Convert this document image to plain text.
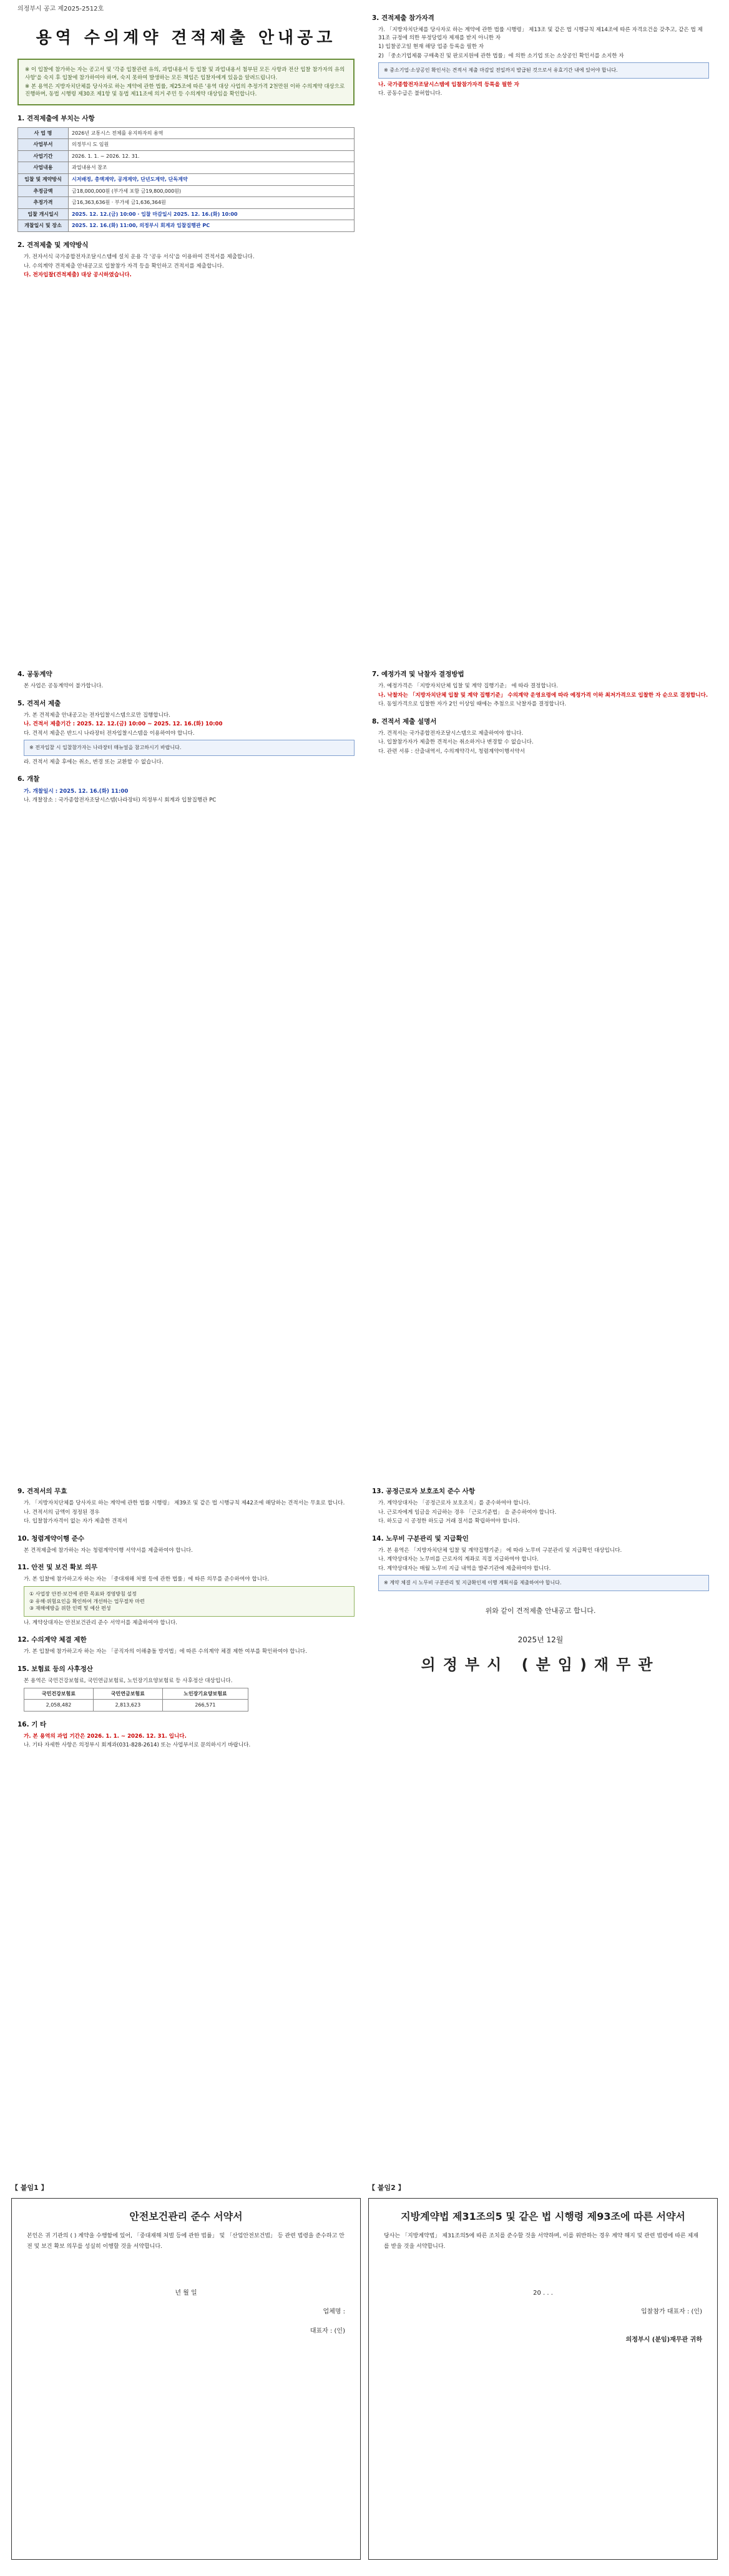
의정부시 공고 제2025-2512호
용역 수의계약 견적제출 안내공고

※ 이 입찰에 참가하는 자는 공고서 및 '각종 입찰관련 유의, 과업내용서 등 입찰 및 과업내용서 첨부된 모든 사항과 전산 입찰 참가자의 유의사항'을 숙지 후 입찰에 참가하여야 하며, 숙지 못하여 발생하는 모든 책임은 입찰자에게 있음을 알려드립니다.

※ 본 용역은 지방자치단체를 당사자로 하는 계약에 관한 법률, 제25조에 따른 '용역 대상 사업의 추정가격 2천만원 이하 수의계약 대상으로 진행하며, 동법 시행령 제30조 제1항 및 동법 제11조에 의거 주민 등 수의계약 대상임을 확인합니다.

1. 견적제출에 부치는 사항
사 업 명	2026년 교통시스 전체를 유지하자의 용역
사업부서	의정부시 도 임원
사업기간	2026. 1. 1. ~ 2026. 12. 31.
사업내용	과업내용서 참조
입찰 및 계약방식	시저배정, 총액계약, 공개계약, 단년도계약, 단독계약
추정금액	금18,000,000원 (부가세 포함 금19,800,000원)
추정가격	금16,363,636원 · 부가세 금1,636,364원
입찰 개시일시	2025. 12. 12.(금) 10:00 · 입찰 마감일시 2025. 12. 16.(화) 10:00
개찰일시 및 장소	2025. 12. 16.(화) 11:00, 의정부시 회계과 입찰집행관 PC
2. 견적제출 및 계약방식
가. 전자서식 국가종합전자조달시스템에 설치 운용 각 '공유 서식'을 이용하여 견적서를 제출합니다.
나. 수의계약 견적제출 안내공고로 입찰참가 자격 등을 확인하고 견적서를 제출합니다.
다. 전자입찰(견적제출) 대상 공시하였습니다.
3. 견적제출 참가자격
가. 「지방자치단체를 당사자로 하는 계약에 관한 법률 시행령」 제13조 및 같은 법 시행규칙 제14조에 따른 자격요건을 갖추고, 같은 법 제31조 규정에 의한 부정당업자 제재를 받지 아니한 자
1) 입찰공고일 현재 해당 업종 등록을 필한 자
2) 「중소기업제품 구매촉진 및 판로지원에 관한 법률」에 의한 소기업 또는 소상공인 확인서를 소지한 자
※ 중소기업·소상공인 확인서는 견적서 제출 마감일 전일까지 발급된 것으로서 유효기간 내에 있어야 합니다.
나. 국가종합전자조달시스템에 입찰참가자격 등록을 필한 자
다. 공동수급은 불허합니다.
4. 공동계약
본 사업은 공동계약이 불가합니다.
5. 견적서 제출
가. 본 견적제출 안내공고는 전자입찰시스템으로만 집행합니다.
나. 견적서 제출기간 : 2025. 12. 12.(금) 10:00 ~ 2025. 12. 16.(화) 10:00
다. 견적서 제출은 반드시 나라장터 전자입찰시스템을 이용하여야 합니다.
※ 전자입찰 시 입찰참가자는 나라장터 매뉴얼을 참고하시기 바랍니다.
라. 견적서 제출 후에는 취소, 변경 또는 교환할 수 없습니다.
6. 개찰
가. 개찰일시 : 2025. 12. 16.(화) 11:00
나. 개찰장소 : 국가종합전자조달시스템(나라장터) 의정부시 회계과 입찰집행관 PC
7. 예정가격 및 낙찰자 결정방법
가. 예정가격은 「지방자치단체 입찰 및 계약 집행기준」 에 따라 결정합니다.
나. 낙찰자는 「지방자치단체 입찰 및 계약 집행기준」 수의계약 운영요령에 따라 예정가격 이하 최저가격으로 입찰한 자 순으로 결정합니다.
다. 동일가격으로 입찰한 자가 2인 이상일 때에는 추첨으로 낙찰자를 결정합니다.
8. 견적서 제출 설명서
가. 견적서는 국가종합전자조달시스템으로 제출하여야 합니다.
나. 입찰참가자가 제출한 견적서는 취소하거나 변경할 수 없습니다.
다. 관련 서류 : 산출내역서, 수의계약각서, 청렴계약이행서약서
9. 견적서의 무효
가. 「지방자치단체를 당사자로 하는 계약에 관한 법률 시행령」 제39조 및 같은 법 시행규칙 제42조에 해당하는 견적서는 무효로 합니다.
나. 견적서의 금액이 정정된 경우
다. 입찰참가자격이 없는 자가 제출한 견적서
10. 청렴계약이행 준수
본 견적제출에 참가하는 자는 청렴계약이행 서약서를 제출하여야 합니다.
11. 안전 및 보건 확보 의무
가. 본 입찰에 참가하고자 하는 자는 「중대재해 처벌 등에 관한 법률」에 따른 의무를 준수하여야 합니다.
① 사업장 안전·보건에 관한 목표와 경영방침 설정
② 유해·위험요인을 확인하여 개선하는 업무절차 마련
③ 재해예방을 위한 인력 및 예산 편성
나. 계약상대자는 안전보건관리 준수 서약서를 제출하여야 합니다.
12. 수의계약 체결 제한
가. 본 입찰에 참가하고자 하는 자는 「공직자의 이해충돌 방지법」에 따른 수의계약 체결 제한 여부를 확인하여야 합니다.
15. 보험료 등의 사후정산
본 용역은 국민건강보험료, 국민연금보험료, 노인장기요양보험료 등 사후정산 대상입니다.
국민건강보험료	국민연금보험료	노인장기요양보험료
2,058,482	2,813,623	266,571
16. 기 타
가. 본 용역의 과업 기간은 2026. 1. 1. ~ 2026. 12. 31. 입니다.
나. 기타 자세한 사항은 의정부시 회계과(031-828-2614) 또는 사업부서로 문의하시기 바랍니다.
13. 공정근로자 보호조치 준수 사항
가. 계약상대자는 「공정근로자 보호조치」를 준수하여야 합니다.
나. 근로자에게 임금을 지급하는 경우 「근로기준법」 을 준수하여야 합니다.
다. 하도급 시 공정한 하도급 거래 질서를 확립하여야 합니다.
14. 노무비 구분관리 및 지급확인
가. 본 용역은 「지방자치단체 입찰 및 계약집행기준」 에 따라 노무비 구분관리 및 지급확인 대상입니다.
나. 계약상대자는 노무비를 근로자의 계좌로 직접 지급하여야 합니다.
다. 계약상대자는 매월 노무비 지급 내역을 발주기관에 제출하여야 합니다.
※ 계약 체결 시 노무비 구분관리 및 지급확인제 이행 계획서를 제출하여야 합니다.
위와 같이 견적제출 안내공고 합니다.
2025년 12월
의정부시 (분임)재무관
【 붙임1 】
안전보건관리 준수 서약서
본인은 귀 기관의 ( ) 계약을 수행함에 있어, 「중대재해 처벌 등에 관한 법률」 및 「산업안전보건법」 등 관련 법령을 준수하고 안전 및 보건 확보 의무를 성실히 이행할 것을 서약합니다.
년 월 일
업체명 :
대표자 : (인)
【 붙임2 】
지방계약법 제31조의5 및 같은 법 시행령 제93조에 따른 서약서
당사는 「지방계약법」 제31조의5에 따른 조치를 준수할 것을 서약하며, 이를 위반하는 경우 계약 해지 및 관련 법령에 따른 제재를 받을 것을 서약합니다.
20 . . .
입찰참가 대표자 : (인)
의정부시 (분임)재무관 귀하
